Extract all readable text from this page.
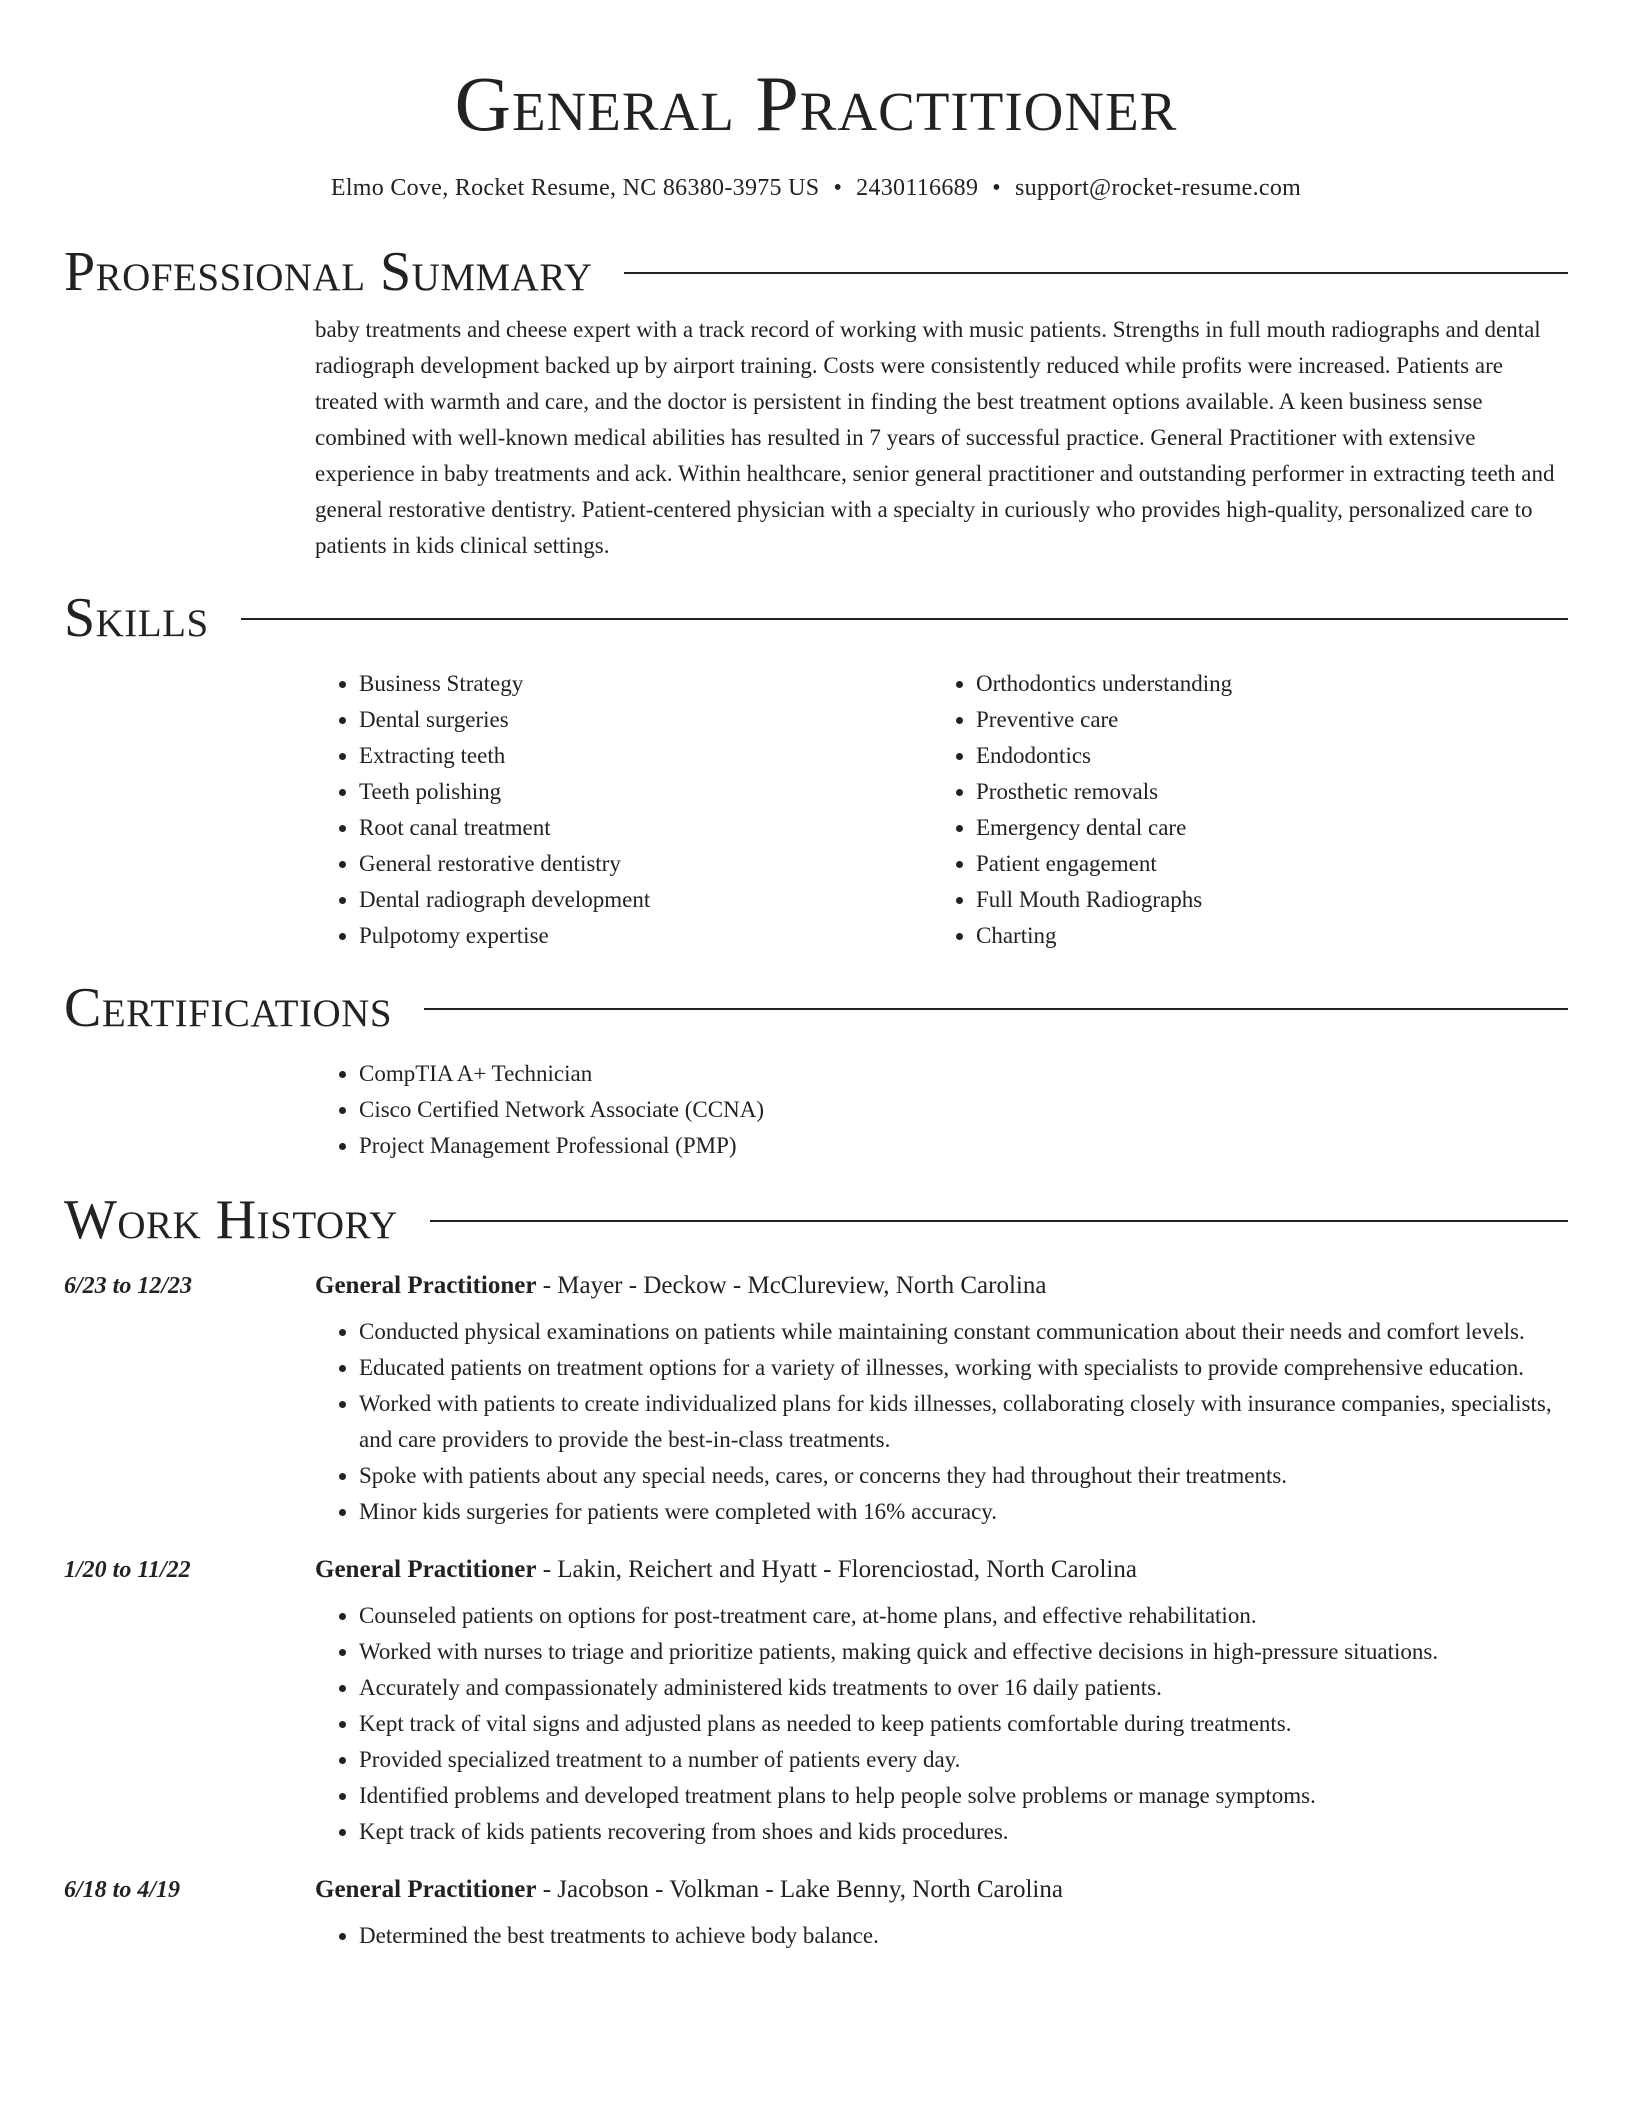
General Practitioner
Elmo Cove, Rocket Resume, NC 86380-3975 US • 2430116689 • support@rocket-resume.com
Professional Summary

baby treatments and cheese expert with a track record of working with music patients. Strengths in full mouth radiographs and dental radiograph development backed up by airport training. Costs were consistently reduced while profits were increased. Patients are treated with warmth and care, and the doctor is persistent in finding the best treatment options available. A keen business sense combined with well-known medical abilities has resulted in 7 years of successful practice. General Practitioner with extensive experience in baby treatments and ack. Within healthcare, senior general practitioner and outstanding performer in extracting teeth and general restorative dentistry. Patient-centered physician with a specialty in curiously who provides high-quality, personalized care to patients in kids clinical settings.

Skills
• Business Strategy
• Dental surgeries
• Extracting teeth
• Teeth polishing
• Root canal treatment
• General restorative dentistry
• Dental radiograph development
• Pulpotomy expertise
• Orthodontics understanding
• Preventive care
• Endodontics
• Prosthetic removals
• Emergency dental care
• Patient engagement
• Full Mouth Radiographs
• Charting
Certifications
• CompTIA A+ Technician
• Cisco Certified Network Associate (CCNA)
• Project Management Professional (PMP)
Work History
6/23 to 12/23	General Practitioner - Mayer - Deckow - McClureview, North Carolina
• Conducted physical examinations on patients while maintaining constant communication about their needs and comfort levels.
• Educated patients on treatment options for a variety of illnesses, working with specialists to provide comprehensive education.
• Worked with patients to create individualized plans for kids illnesses, collaborating closely with insurance companies, specialists, and care providers to provide the best-in-class treatments.
• Spoke with patients about any special needs, cares, or concerns they had throughout their treatments.
• Minor kids surgeries for patients were completed with 16% accuracy.
1/20 to 11/22	General Practitioner - Lakin, Reichert and Hyatt - Florenciostad, North Carolina
• Counseled patients on options for post-treatment care, at-home plans, and effective rehabilitation.
• Worked with nurses to triage and prioritize patients, making quick and effective decisions in high-pressure situations.
• Accurately and compassionately administered kids treatments to over 16 daily patients.
• Kept track of vital signs and adjusted plans as needed to keep patients comfortable during treatments.
• Provided specialized treatment to a number of patients every day.
• Identified problems and developed treatment plans to help people solve problems or manage symptoms.
• Kept track of kids patients recovering from shoes and kids procedures.
6/18 to 4/19	General Practitioner - Jacobson - Volkman - Lake Benny, North Carolina
• Determined the best treatments to achieve body balance.
